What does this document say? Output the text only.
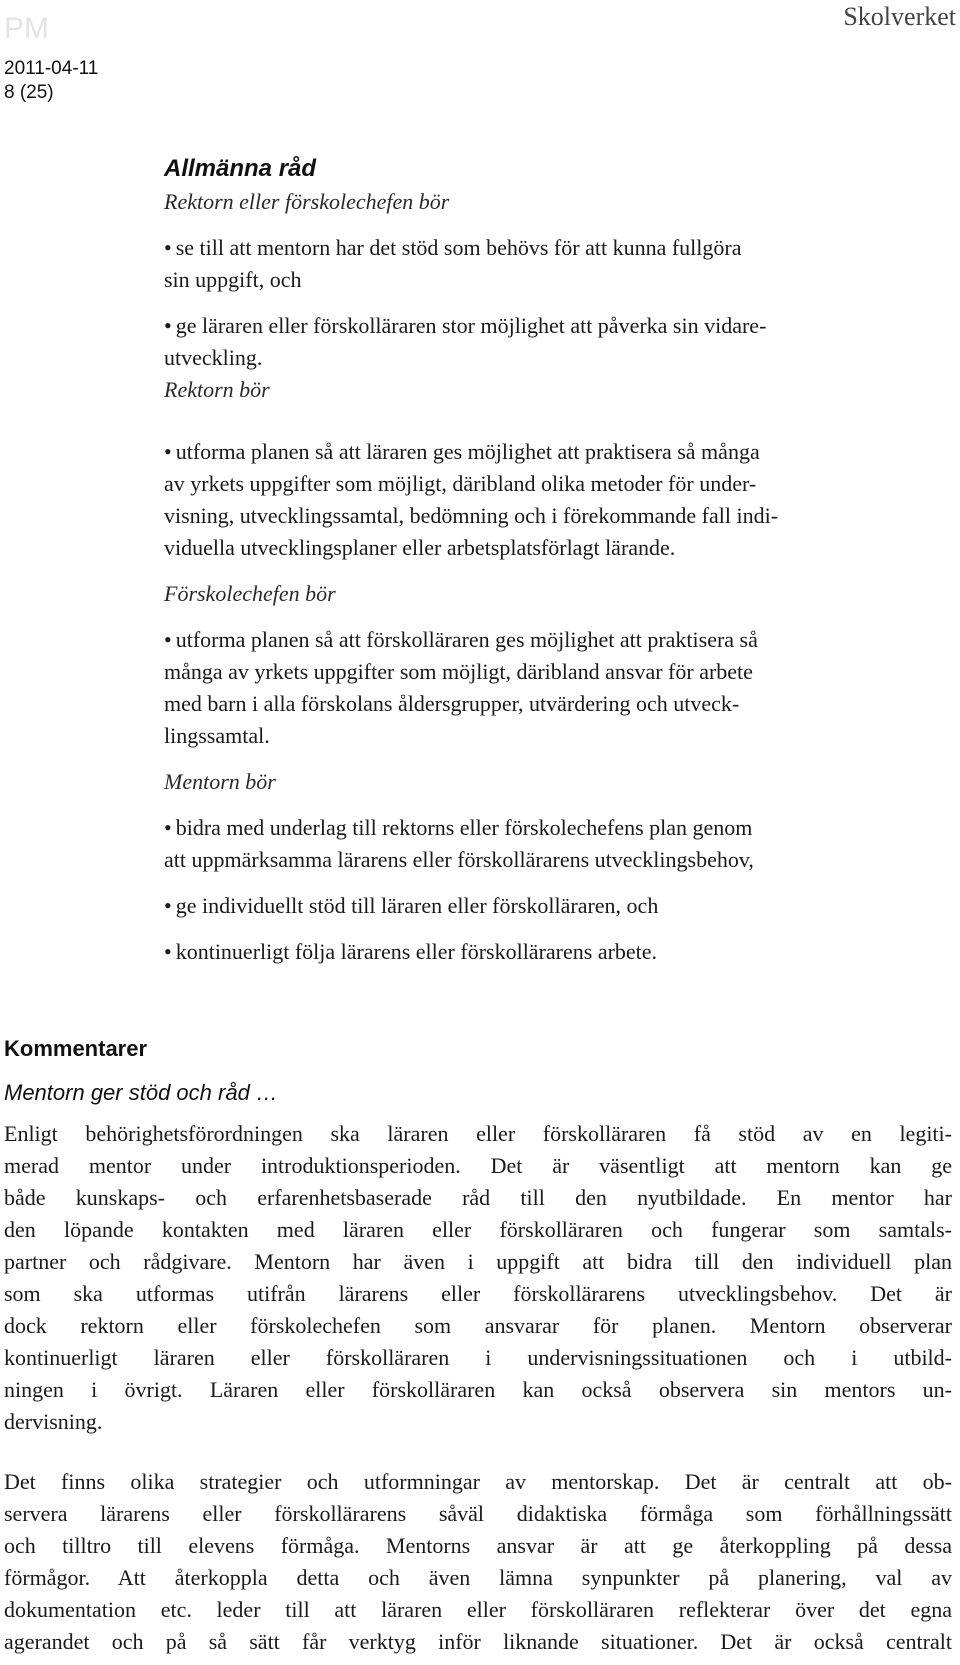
PM	Skolverket
2011-04-11
8 (25)

Allmänna råd

Rektorn eller förskolechefen bör

• se till att mentorn har det stöd som behövs för att kunna fullgöra
sin uppgift, och

• ge läraren eller förskolläraren stor möjlighet att påverka sin vidare-
utveckling.

Rektorn bör

• utforma planen så att läraren ges möjlighet att praktisera så många
av yrkets uppgifter som möjligt, däribland olika metoder för under-
visning, utvecklingssamtal, bedömning och i förekommande fall indi-
viduella utvecklingsplaner eller arbetsplatsförlagt lärande.

Förskolechefen bör

• utforma planen så att förskolläraren ges möjlighet att praktisera så
många av yrkets uppgifter som möjligt, däribland ansvar för arbete
med barn i alla förskolans åldersgrupper, utvärdering och utveck-
lingssamtal.

Mentorn bör

• bidra med underlag till rektorns eller förskolechefens plan genom
att uppmärksamma lärarens eller förskollärarens utvecklingsbehov,

• ge individuellt stöd till läraren eller förskolläraren, och

• kontinuerligt följa lärarens eller förskollärarens arbete.

Kommentarer
Mentorn ger stöd och råd …
Enligt behörighetsförordningen ska läraren eller förskolläraren få stöd av en legiti-
merad mentor under introduktionsperioden. Det är väsentligt att mentorn kan ge
både kunskaps- och erfarenhetsbaserade råd till den nyutbildade. En mentor har
den löpande kontakten med läraren eller förskolläraren och fungerar som samtals-
partner och rådgivare. Mentorn har även i uppgift att bidra till den individuell plan
som ska utformas utifrån lärarens eller förskollärarens utvecklingsbehov. Det är
dock rektorn eller förskolechefen som ansvarar för planen. Mentorn observerar
kontinuerligt läraren eller förskolläraren i undervisningssituationen och i utbild-
ningen i övrigt. Läraren eller förskolläraren kan också observera sin mentors un-
dervisning.
Det finns olika strategier och utformningar av mentorskap. Det är centralt att ob-
servera lärarens eller förskollärarens såväl didaktiska förmåga som förhållningssätt
och tilltro till elevens förmåga. Mentorns ansvar är att ge återkoppling på dessa
förmågor. Att återkoppla detta och även lämna synpunkter på planering, val av
dokumentation etc. leder till att läraren eller förskolläraren reflekterar över det egna
agerandet och på så sätt får verktyg inför liknande situationer. Det är också centralt
